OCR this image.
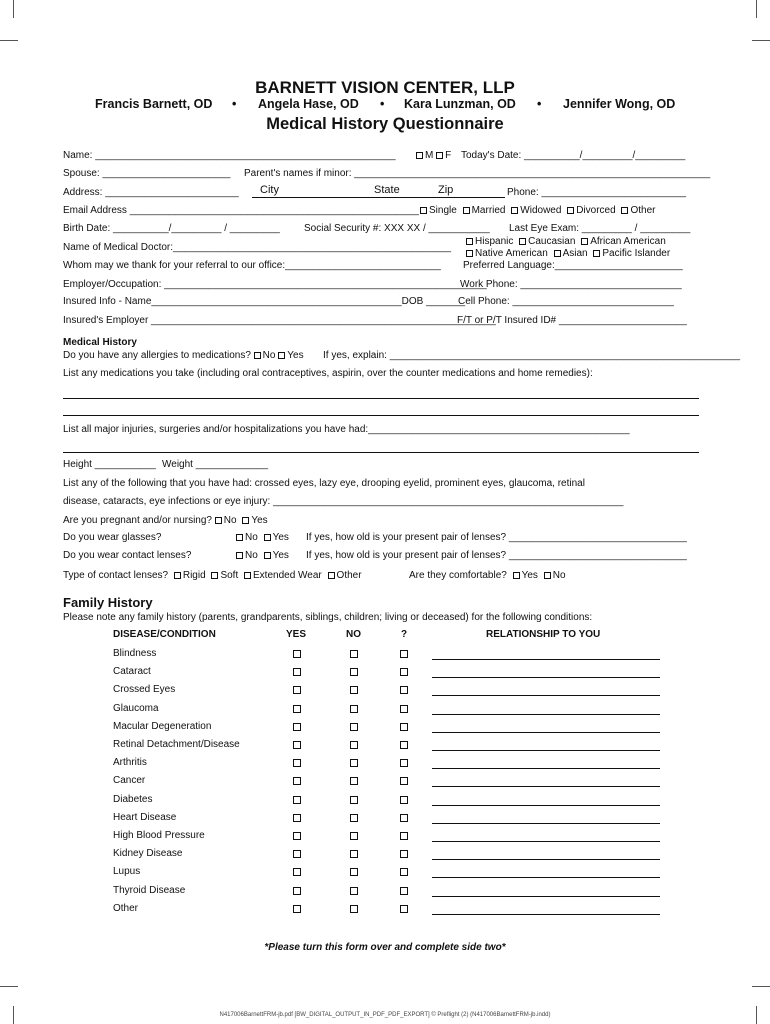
BARNETT VISION CENTER, LLP
Francis Barnett, OD • Angela Hase, OD • Kara Lunzman, OD • Jennifer Wong, OD
Medical History Questionnaire
Name: ______________________________________________________	M F Today's Date: __________/_________/_________
Spouse: _______________________ Parent's names if minor: ________________________________________________________________
Address: ________________________ City	State	Zip	Phone: __________________________
Email Address ____________________________________________________	Single Married Widowed Divorced Other
Birth Date: __________/_________ / _________ Social Security #: XXX XX / ___________ Last Eye Exam: _________ / _________
Name of Medical Doctor:__________________________________________________
Hispanic Caucasian African American
Native American Asian Pacific Islander
Whom may we thank for your referral to our office:____________________________ Preferred Language:_______________________
Employer/Occupation: __________________________________________________________
Work Phone: _____________________________
Insured Info - Name_____________________________________________DOB _______
Cell Phone: _____________________________
Insured's Employer ______________________________________________________________
F/T or P/T Insured ID# _______________________
Medical History
Do you have any allergies to medications? No Yes If yes, explain: _______________________________________________________________
List any medications you take (including oral contraceptives, aspirin, over the counter medications and home remedies):
List all major injuries, surgeries and/or hospitalizations you have had:_______________________________________________
Height ___________ Weight _____________
List any of the following that you have had: crossed eyes, lazy eye, drooping eyelid, prominent eyes, glaucoma, retinal
disease, cataracts, eye infections or eye injury: _______________________________________________________________
Are you pregnant and/or nursing? No Yes
Do you wear glasses?	No Yes If yes, how old is your present pair of lenses? ________________________________
Do you wear contact lenses?	No Yes If yes, how old is your present pair of lenses? ________________________________
Type of contact lenses? Rigid Soft Extended Wear Other	Are they comfortable? Yes No
Family History
Please note any family history (parents, grandparents, siblings, children; living or deceased) for the following conditions:
DISEASE/CONDITION	YES	NO	?	RELATIONSHIP TO YOU
Blindness
Cataract
Crossed Eyes
Glaucoma
Macular Degeneration
Retinal Detachment/Disease
Arthritis
Cancer
Diabetes
Heart Disease
High Blood Pressure
Kidney Disease
Lupus
Thyroid Disease
Other
*Please turn this form over and complete side two*
N417006BarnettFRM-jb.pdf [BW_DIGITAL_OUTPUT_IN_PDF_PDF_EXPORT] © Preflight (2) (N417006BarnettFRM-jb.indd)
